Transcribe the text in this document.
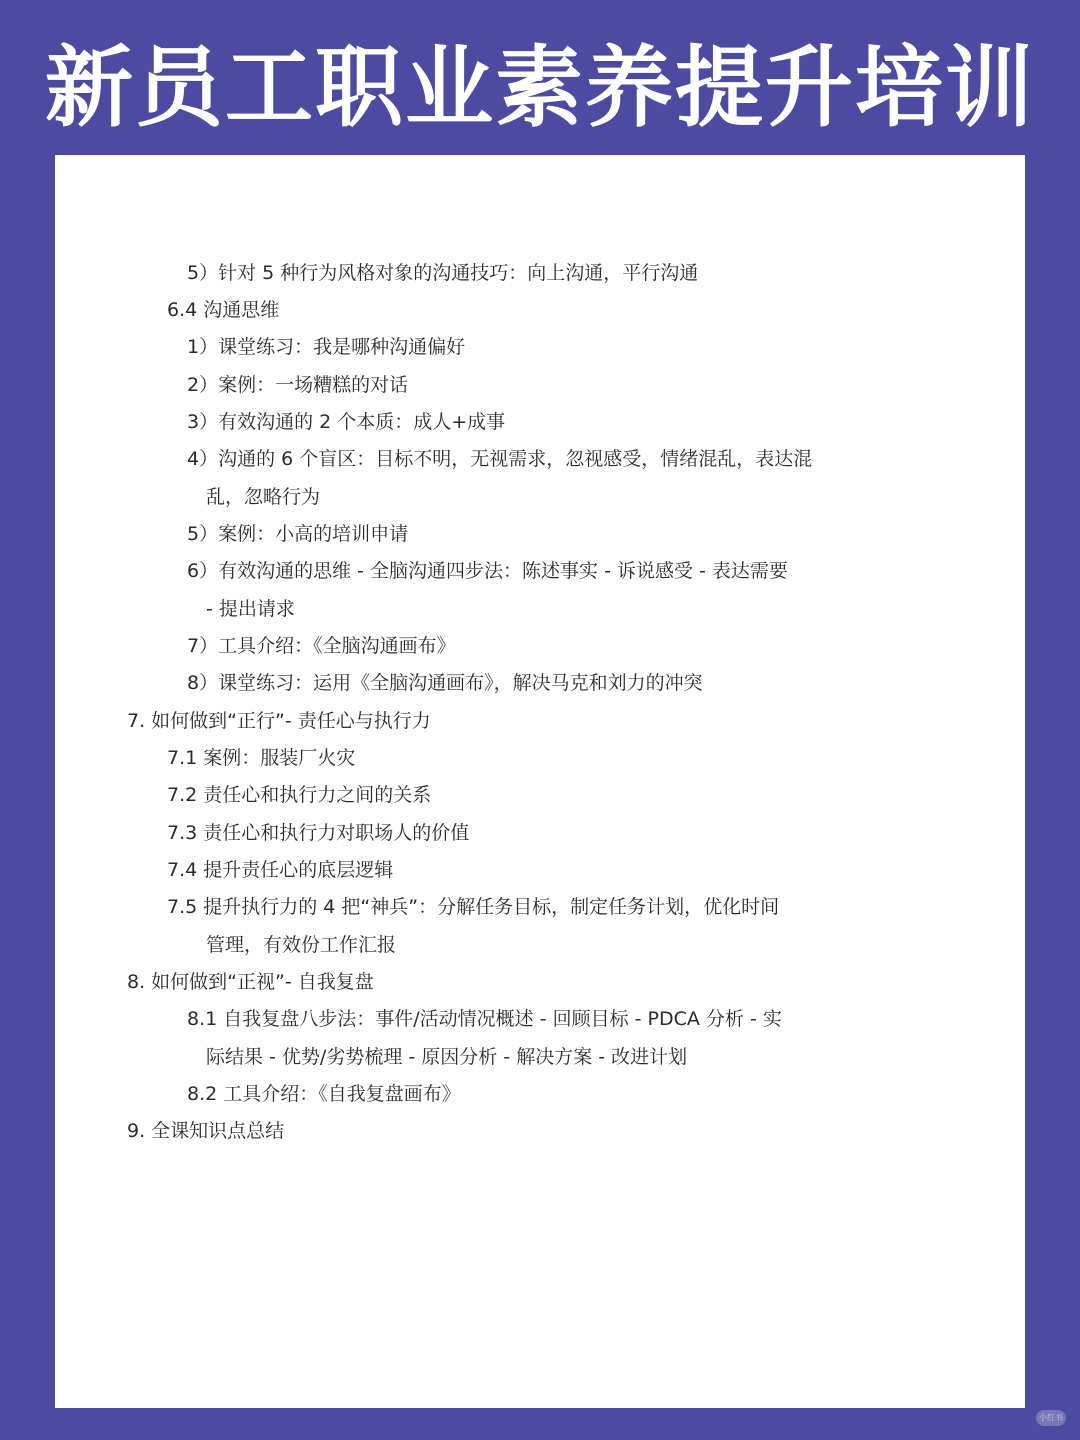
新员工职业素养提升培训
5）针对 5 种行为风格对象的沟通技巧：向上沟通，平行沟通
6.4 沟通思维
1）课堂练习：我是哪种沟通偏好
2）案例：一场糟糕的对话
3）有效沟通的 2 个本质：成人+成事
4）沟通的 6 个盲区：目标不明，无视需求，忽视感受，情绪混乱，表达混
乱，忽略行为
5）案例：小高的培训申请
6）有效沟通的思维 - 全脑沟通四步法：陈述事实 - 诉说感受 - 表达需要
- 提出请求
7）工具介绍：《全脑沟通画布》
8）课堂练习：运用《全脑沟通画布》，解决马克和刘力的冲突
7. 如何做到“正行”- 责任心与执行力
7.1 案例：服装厂火灾
7.2 责任心和执行力之间的关系
7.3 责任心和执行力对职场人的价值
7.4 提升责任心的底层逻辑
7.5 提升执行力的 4 把“神兵”：分解任务目标，制定任务计划，优化时间
管理，有效份工作汇报
8. 如何做到“正视”- 自我复盘
8.1 自我复盘八步法：事件/活动情况概述 - 回顾目标 - PDCA 分析 - 实
际结果 - 优势/劣势梳理 - 原因分析 - 解决方案 - 改进计划
8.2 工具介绍：《自我复盘画布》
9. 全课知识点总结
小红书
